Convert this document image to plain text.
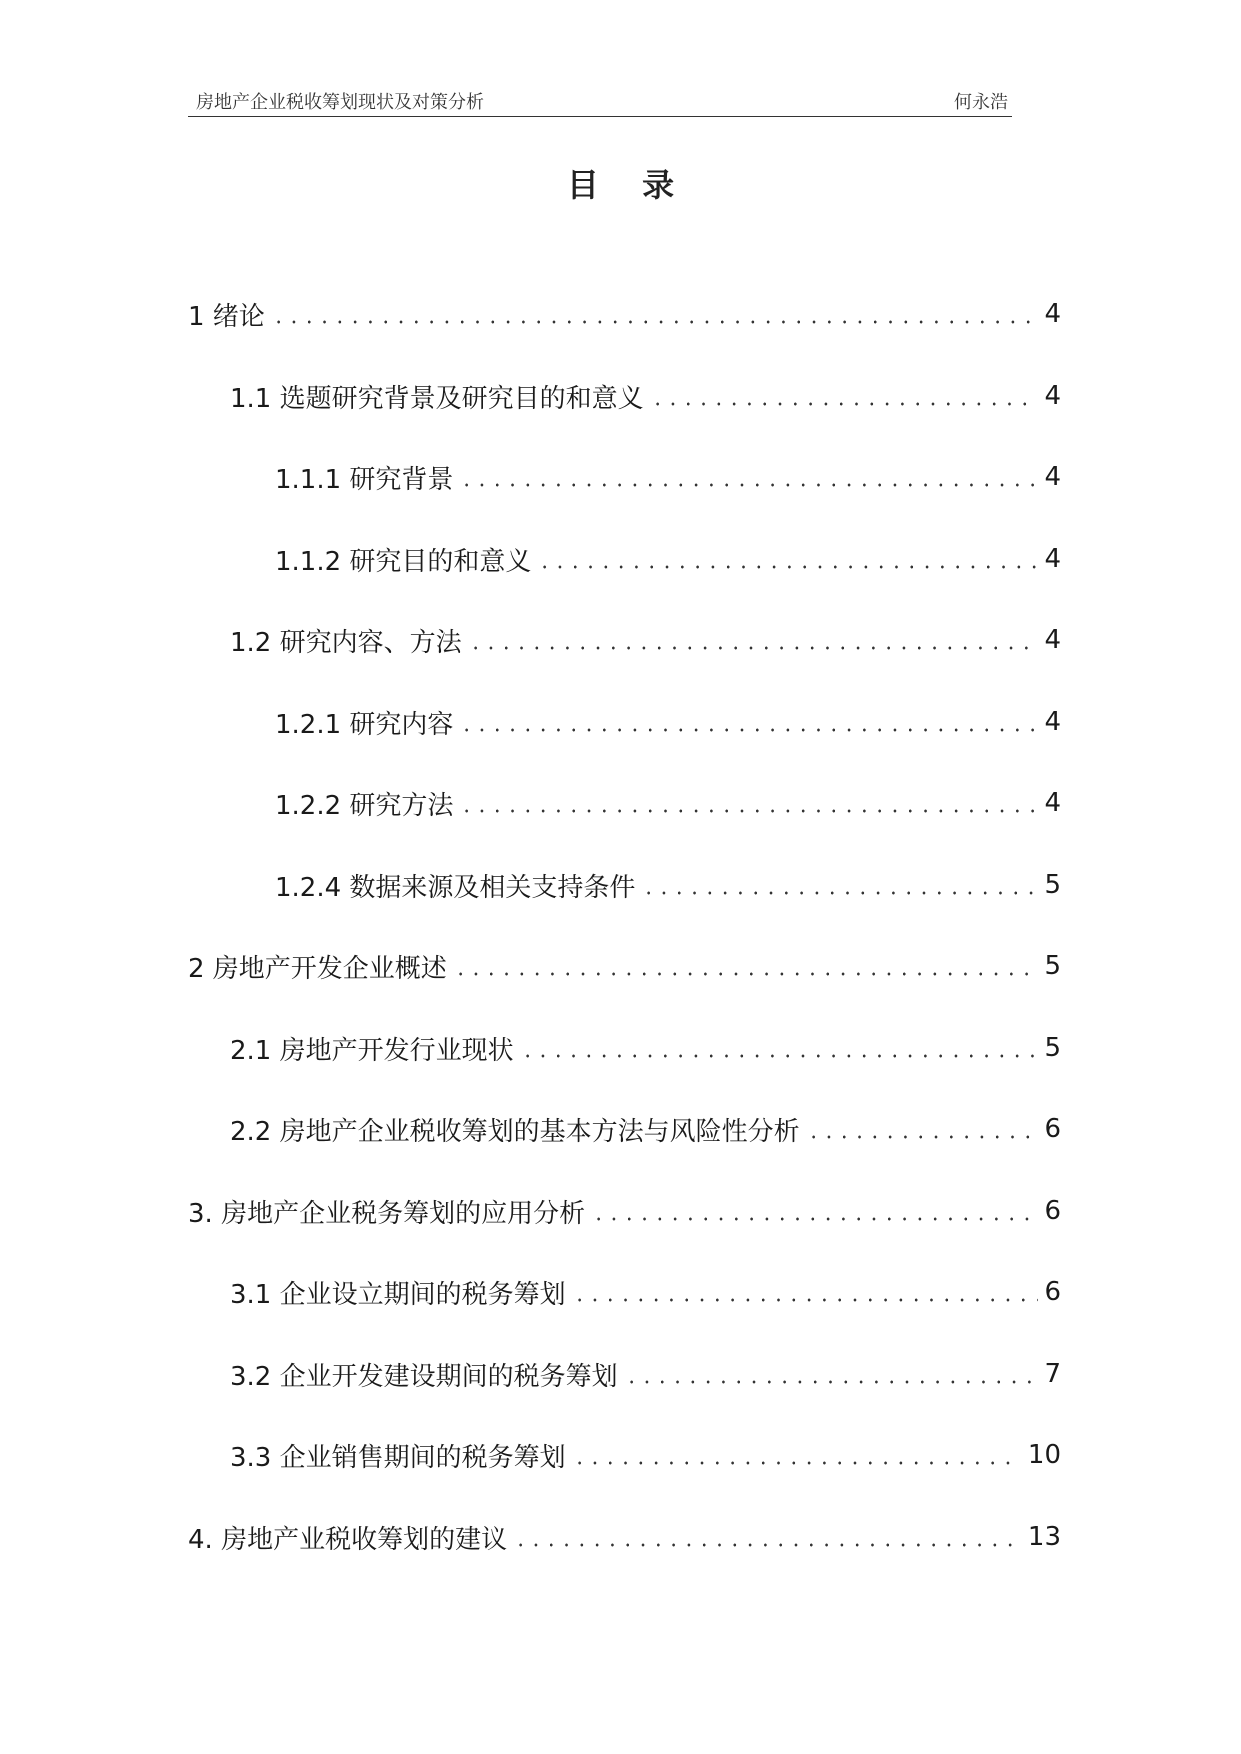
房地产企业税收筹划现状及对策分析	何永浩
目 录
1 绪论	4
1.1 选题研究背景及研究目的和意义	4
1.1.1 研究背景	4
1.1.2 研究目的和意义	4
1.2 研究内容、方法	4
1.2.1 研究内容	4
1.2.2 研究方法	4
1.2.4 数据来源及相关支持条件	5
2 房地产开发企业概述	5
2.1 房地产开发行业现状	5
2.2 房地产企业税收筹划的基本方法与风险性分析	6
3. 房地产企业税务筹划的应用分析	6
3.1 企业设立期间的税务筹划	6
3.2 企业开发建设期间的税务筹划	7
3.3 企业销售期间的税务筹划	10
4. 房地产业税收筹划的建议	13
